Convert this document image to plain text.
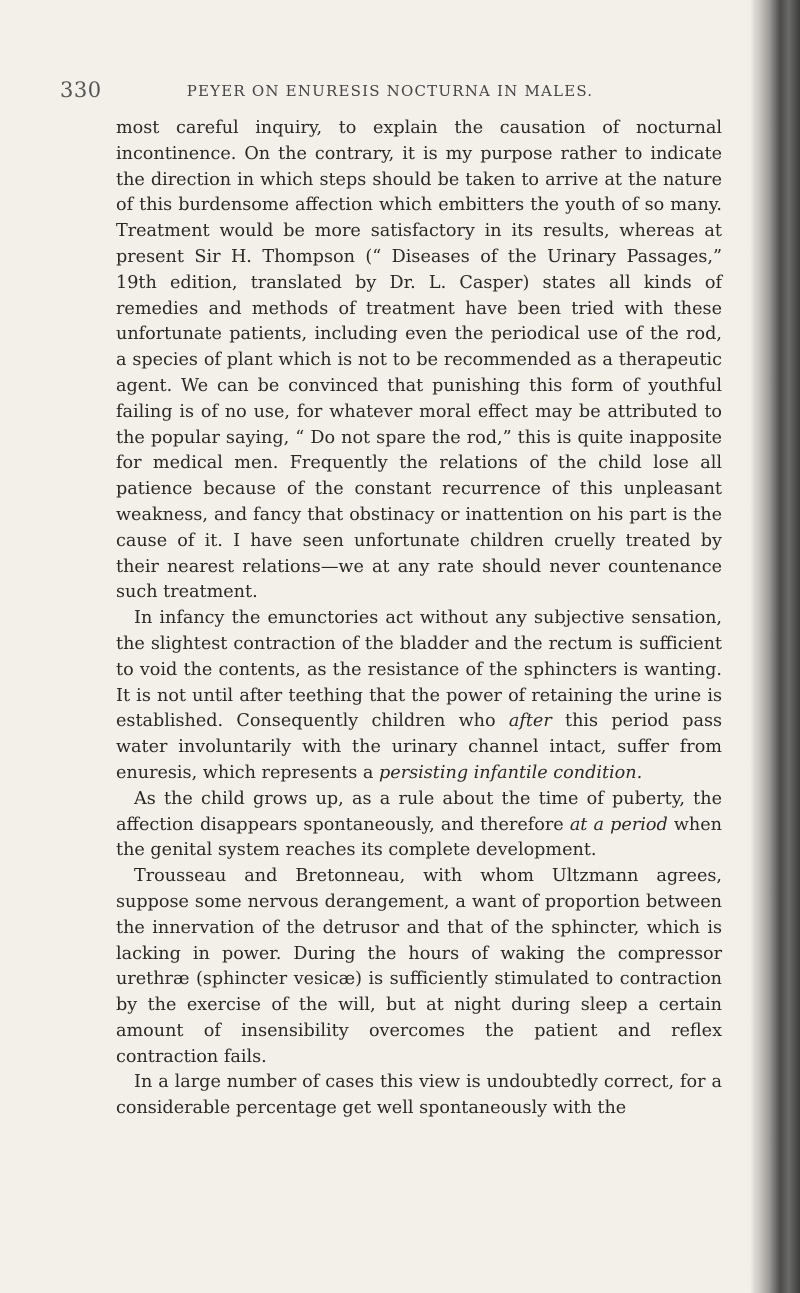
330	PEYER ON ENURESIS NOCTURNA IN MALES.

most careful inquiry, to explain the causation of nocturnal incontinence. On the contrary, it is my purpose rather to indicate the direction in which steps should be taken to arrive at the nature of this burdensome affection which embitters the youth of so many. Treatment would be more satisfactory in its results, whereas at present Sir H. Thompson (“ Diseases of the Urinary Passages,” 19th edition, translated by Dr. L. Casper) states all kinds of remedies and methods of treatment have been tried with these unfortunate patients, including even the periodical use of the rod, a species of plant which is not to be recommended as a therapeutic agent. We can be convinced that punishing this form of youthful failing is of no use, for whatever moral effect may be attributed to the popular saying, “ Do not spare the rod,” this is quite inapposite for medical men. Frequently the relations of the child lose all patience because of the constant recurrence of this unpleasant weakness, and fancy that obstinacy or inattention on his part is the cause of it. I have seen unfortunate children cruelly treated by their nearest relations—we at any rate should never countenance such treatment.

In infancy the emunctories act without any subjective sensation, the slightest contraction of the bladder and the rectum is sufficient to void the contents, as the resistance of the sphincters is wanting. It is not until after teething that the power of retaining the urine is established. Consequently children who after this period pass water involuntarily with the urinary channel intact, suffer from enuresis, which represents a persisting infantile condition.

As the child grows up, as a rule about the time of puberty, the affection disappears spontaneously, and therefore at a period when the genital system reaches its complete development.

Trousseau and Bretonneau, with whom Ultzmann agrees, suppose some nervous derangement, a want of proportion between the innervation of the detrusor and that of the sphincter, which is lacking in power. During the hours of waking the compressor urethræ (sphincter vesicæ) is sufficiently stimulated to contraction by the exercise of the will, but at night during sleep a certain amount of insensibility overcomes the patient and reflex contraction fails.

In a large number of cases this view is undoubtedly correct, for a considerable percentage get well spontaneously with the
